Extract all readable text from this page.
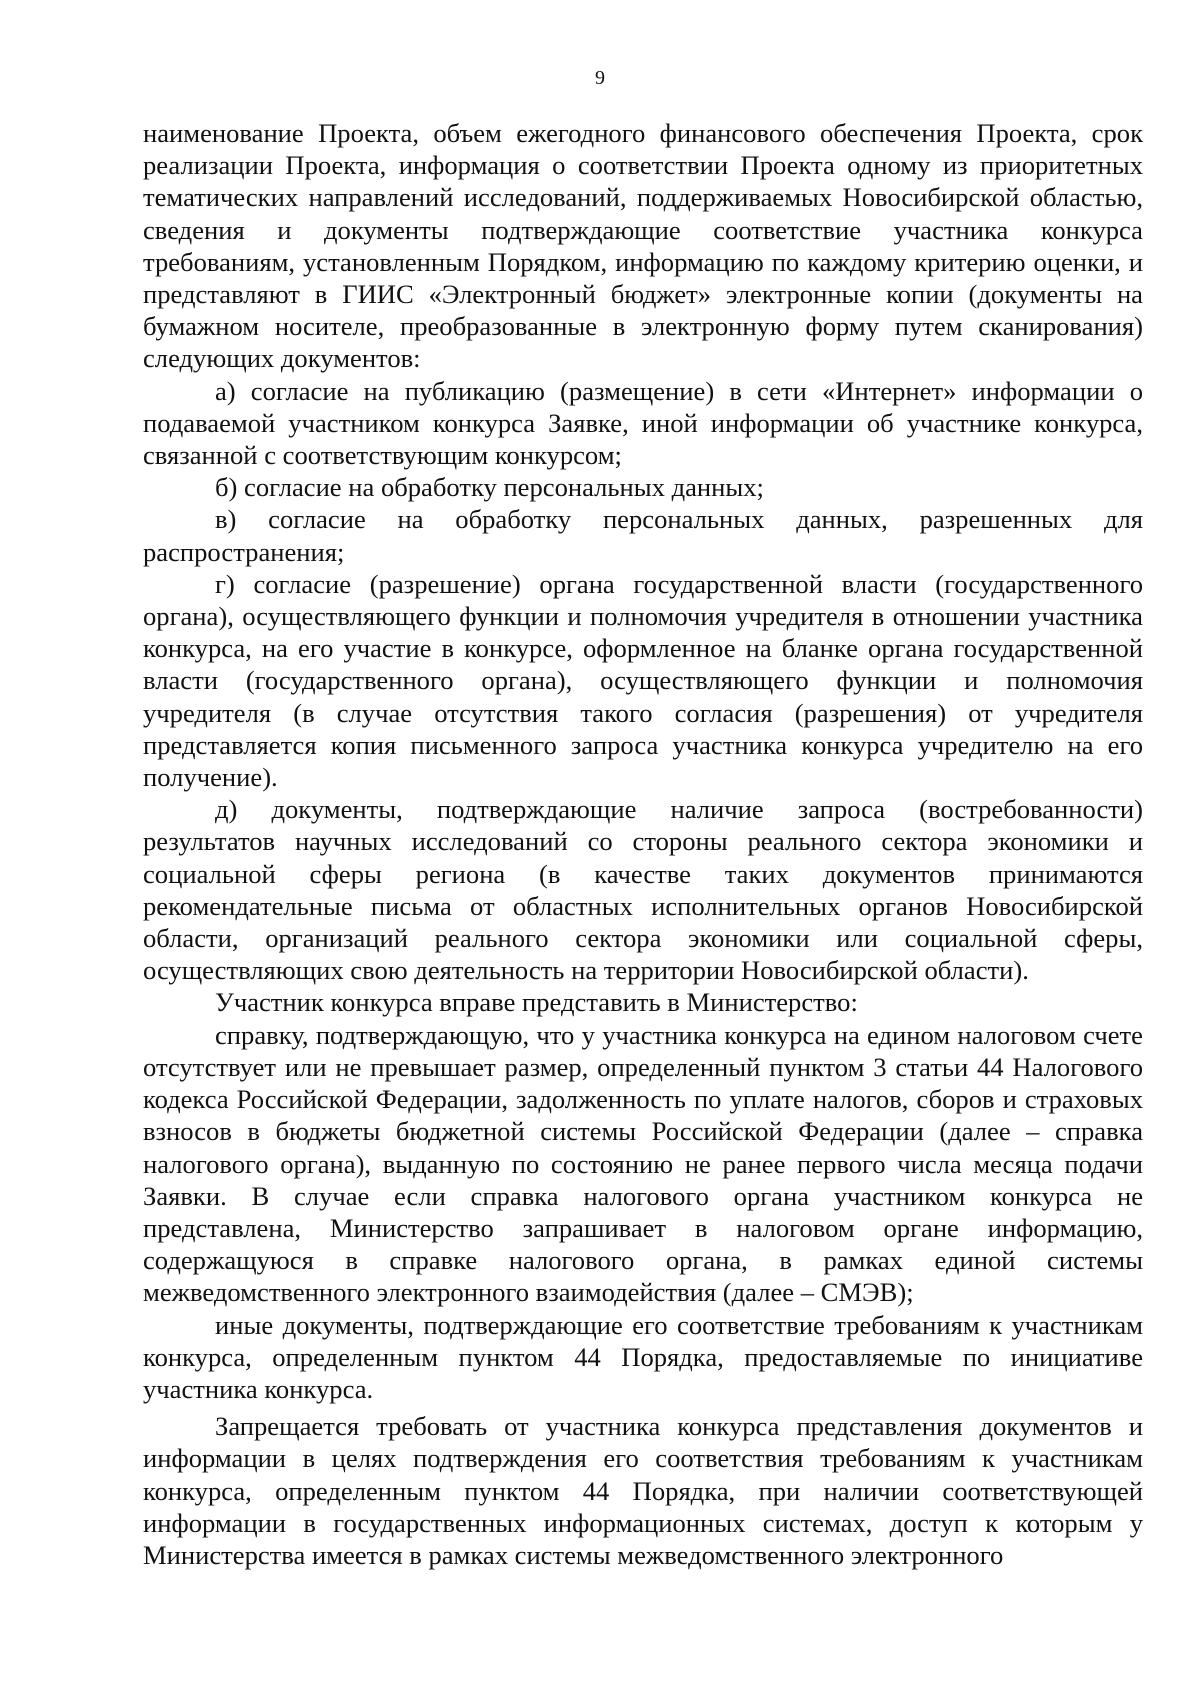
9

наименование Проекта, объем ежегодного финансового обеспечения Проекта, срок реализации Проекта, информация о соответствии Проекта одному из приоритетных тематических направлений исследований, поддерживаемых Новосибирской областью, сведения и документы подтверждающие соответствие участника конкурса требованиям, установленным Порядком, информацию по каждому критерию оценки, и представляют в ГИИС «Электронный бюджет» электронные копии (документы на бумажном носителе, преобразованные в электронную форму путем сканирования) следующих документов:

а) согласие на публикацию (размещение) в сети «Интернет» информации о подаваемой участником конкурса Заявке, иной информации об участнике конкурса, связанной с соответствующим конкурсом;

б) согласие на обработку персональных данных;

в) согласие на обработку персональных данных, разрешенных для распространения;

г) согласие (разрешение) органа государственной власти (государственного органа), осуществляющего функции и полномочия учредителя в отношении участника конкурса, на его участие в конкурсе, оформленное на бланке органа государственной власти (государственного органа), осуществляющего функции и полномочия учредителя (в случае отсутствия такого согласия (разрешения) от учредителя представляется копия письменного запроса участника конкурса учредителю на его получение).

д) документы, подтверждающие наличие запроса (востребованности) результатов научных исследований со стороны реального сектора экономики и социальной сферы региона (в качестве таких документов принимаются рекомендательные письма от областных исполнительных органов Новосибирской области, организаций реального сектора экономики или социальной сферы, осуществляющих свою деятельность на территории Новосибирской области).

Участник конкурса вправе представить в Министерство:

справку, подтверждающую, что у участника конкурса на едином налоговом счете отсутствует или не превышает размер, определенный пунктом 3 статьи 44 Налогового кодекса Российской Федерации, задолженность по уплате налогов, сборов и страховых взносов в бюджеты бюджетной системы Российской Федерации (далее – справка налогового органа), выданную по состоянию не ранее первого числа месяца подачи Заявки. В случае если справка налогового органа участником конкурса не представлена, Министерство запрашивает в налоговом органе информацию, содержащуюся в справке налогового органа, в рамках единой системы межведомственного электронного взаимодействия (далее – СМЭВ);

иные документы, подтверждающие его соответствие требованиям к участникам конкурса, определенным пунктом 44 Порядка, предоставляемые по инициативе участника конкурса.

Запрещается требовать от участника конкурса представления документов и информации в целях подтверждения его соответствия требованиям к участникам конкурса, определенным пунктом 44 Порядка, при наличии соответствующей информации в государственных информационных системах, доступ к которым у Министерства имеется в рамках системы межведомственного электронного
